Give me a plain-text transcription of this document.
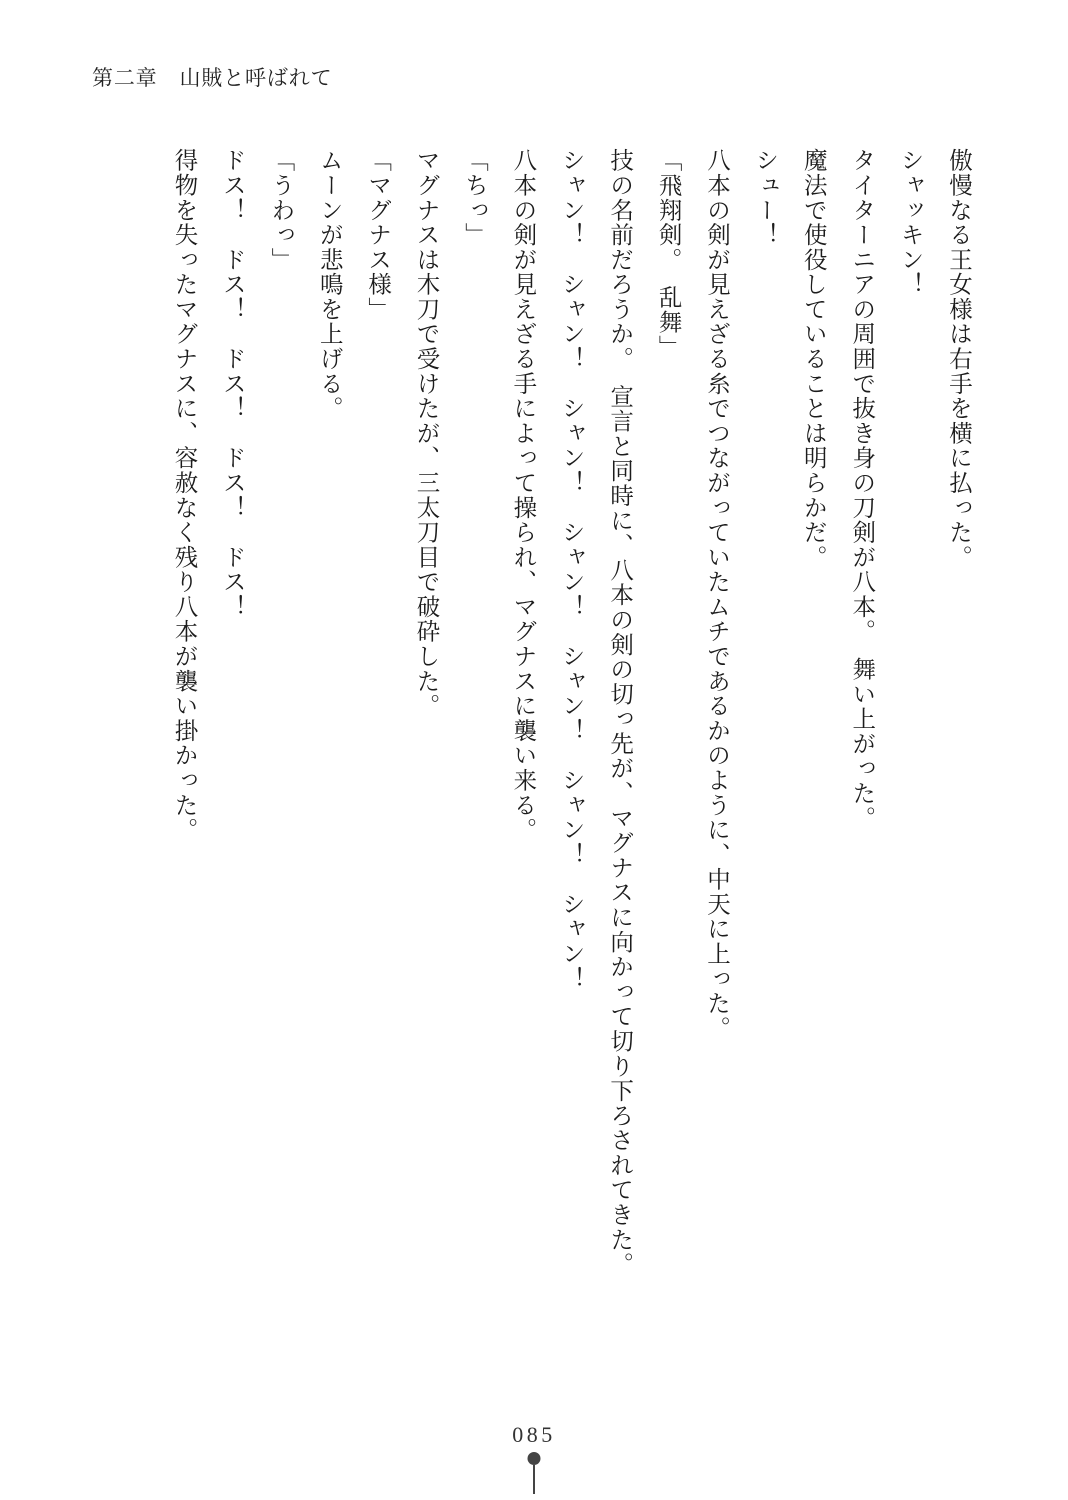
第二章 山賊と呼ばれて

傲慢なる王女様は右手を横に払った。

シャッキン！

タイターニアの周囲で抜き身の刀剣が八本。　舞い上がった。

魔法で使役していることは明らかだ。

シュー！

八本の剣が見えざる糸でつながっていたムチであるかのように、中天に上った。

「飛翔剣。　乱舞」

技の名前だろうか。　宣言と同時に、八本の剣の切っ先が、マグナスに向かって切り下ろされてきた。

シャン！　シャン！　シャン！　シャン！　シャン！　シャン！　シャン！

八本の剣が見えざる手によって操られ、マグナスに襲い来る。

「ちっ」

マグナスは木刀で受けたが、三太刀目で破砕した。

「マグナス様」

ムーンが悲鳴を上げる。

「うわっ」

ドス！　ドス！　ドス！　ドス！　ドス！

得物を失ったマグナスに、容赦なく残り八本が襲い掛かった。

085
